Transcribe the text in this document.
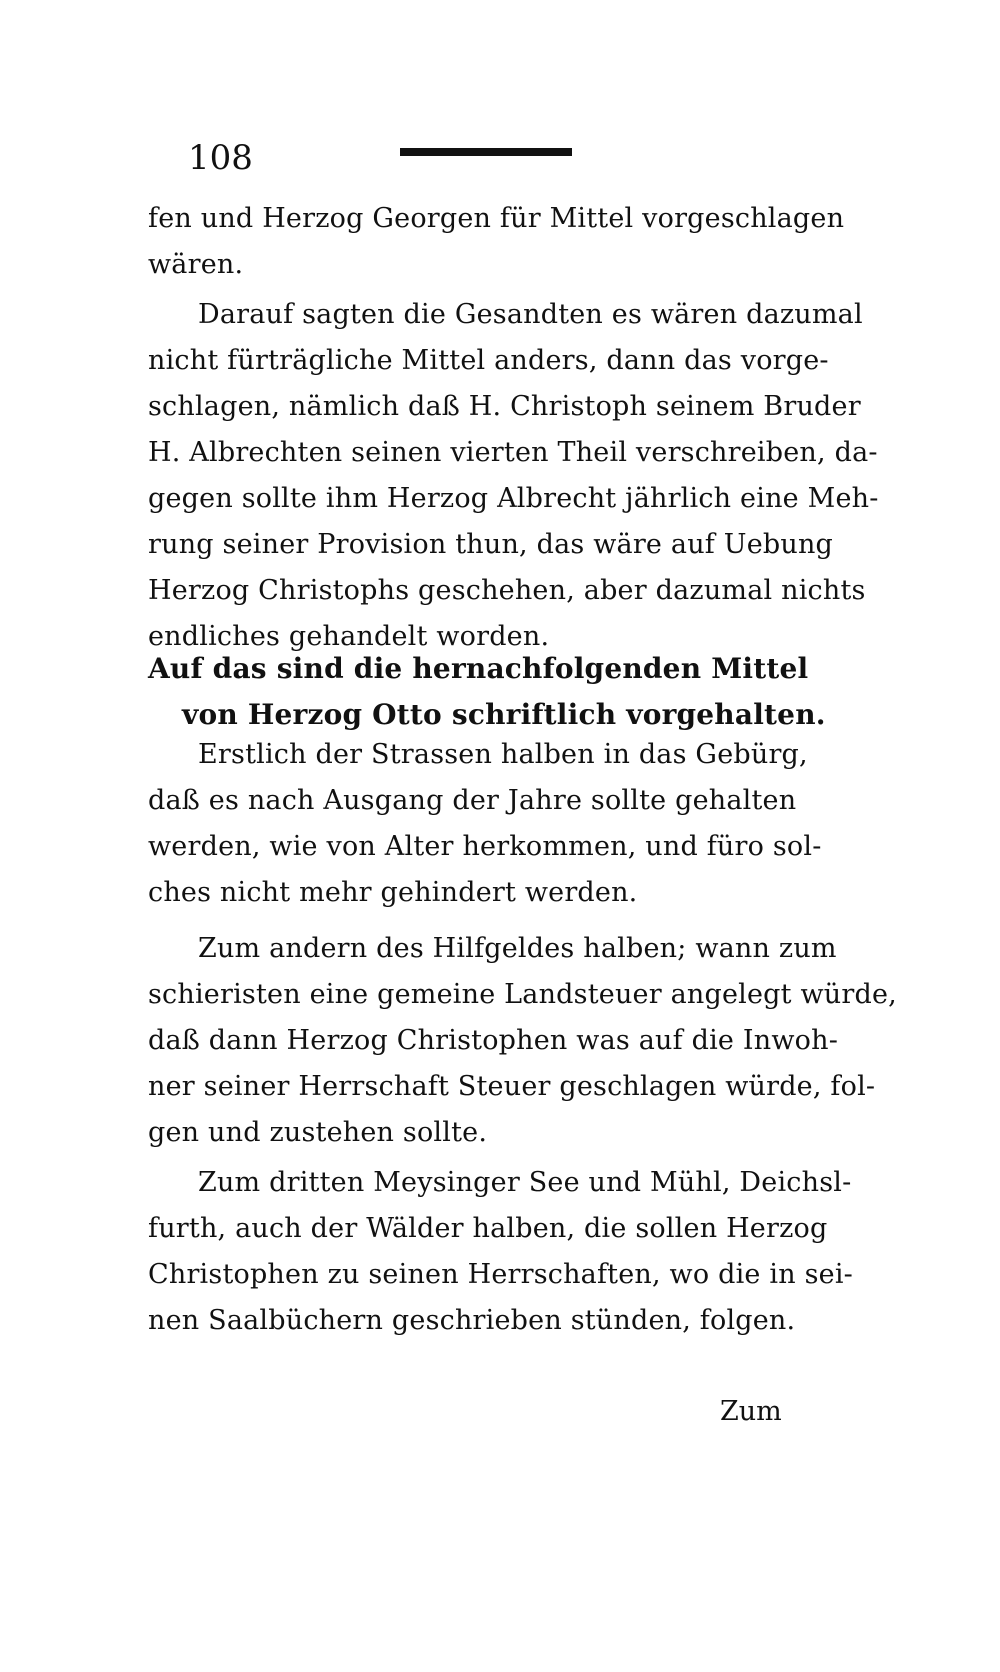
108
fen und Herzog Georgen für Mittel vorgeschlagen
wären.
Darauf sagten die Gesandten es wären dazumal
nicht fürträgliche Mittel anders, dann das vorge-
schlagen, nämlich daß H. Christoph seinem Bruder
H. Albrechten seinen vierten Theil verschreiben, da-
gegen sollte ihm Herzog Albrecht jährlich eine Meh-
rung seiner Provision thun, das wäre auf Uebung
Herzog Christophs geschehen, aber dazumal nichts
endliches gehandelt worden.
Auf das sind die hernachfolgenden Mittel
von Herzog Otto schriftlich vorgehalten.
Erstlich der Strassen halben in das Gebürg,
daß es nach Ausgang der Jahre sollte gehalten
werden, wie von Alter herkommen, und füro sol-
ches nicht mehr gehindert werden.
Zum andern des Hilfgeldes halben; wann zum
schieristen eine gemeine Landsteuer angelegt würde,
daß dann Herzog Christophen was auf die Inwoh-
ner seiner Herrschaft Steuer geschlagen würde, fol-
gen und zustehen sollte.
Zum dritten Meysinger See und Mühl, Deichsl-
furth, auch der Wälder halben, die sollen Herzog
Christophen zu seinen Herrschaften, wo die in sei-
nen Saalbüchern geschrieben stünden, folgen.
Zum
